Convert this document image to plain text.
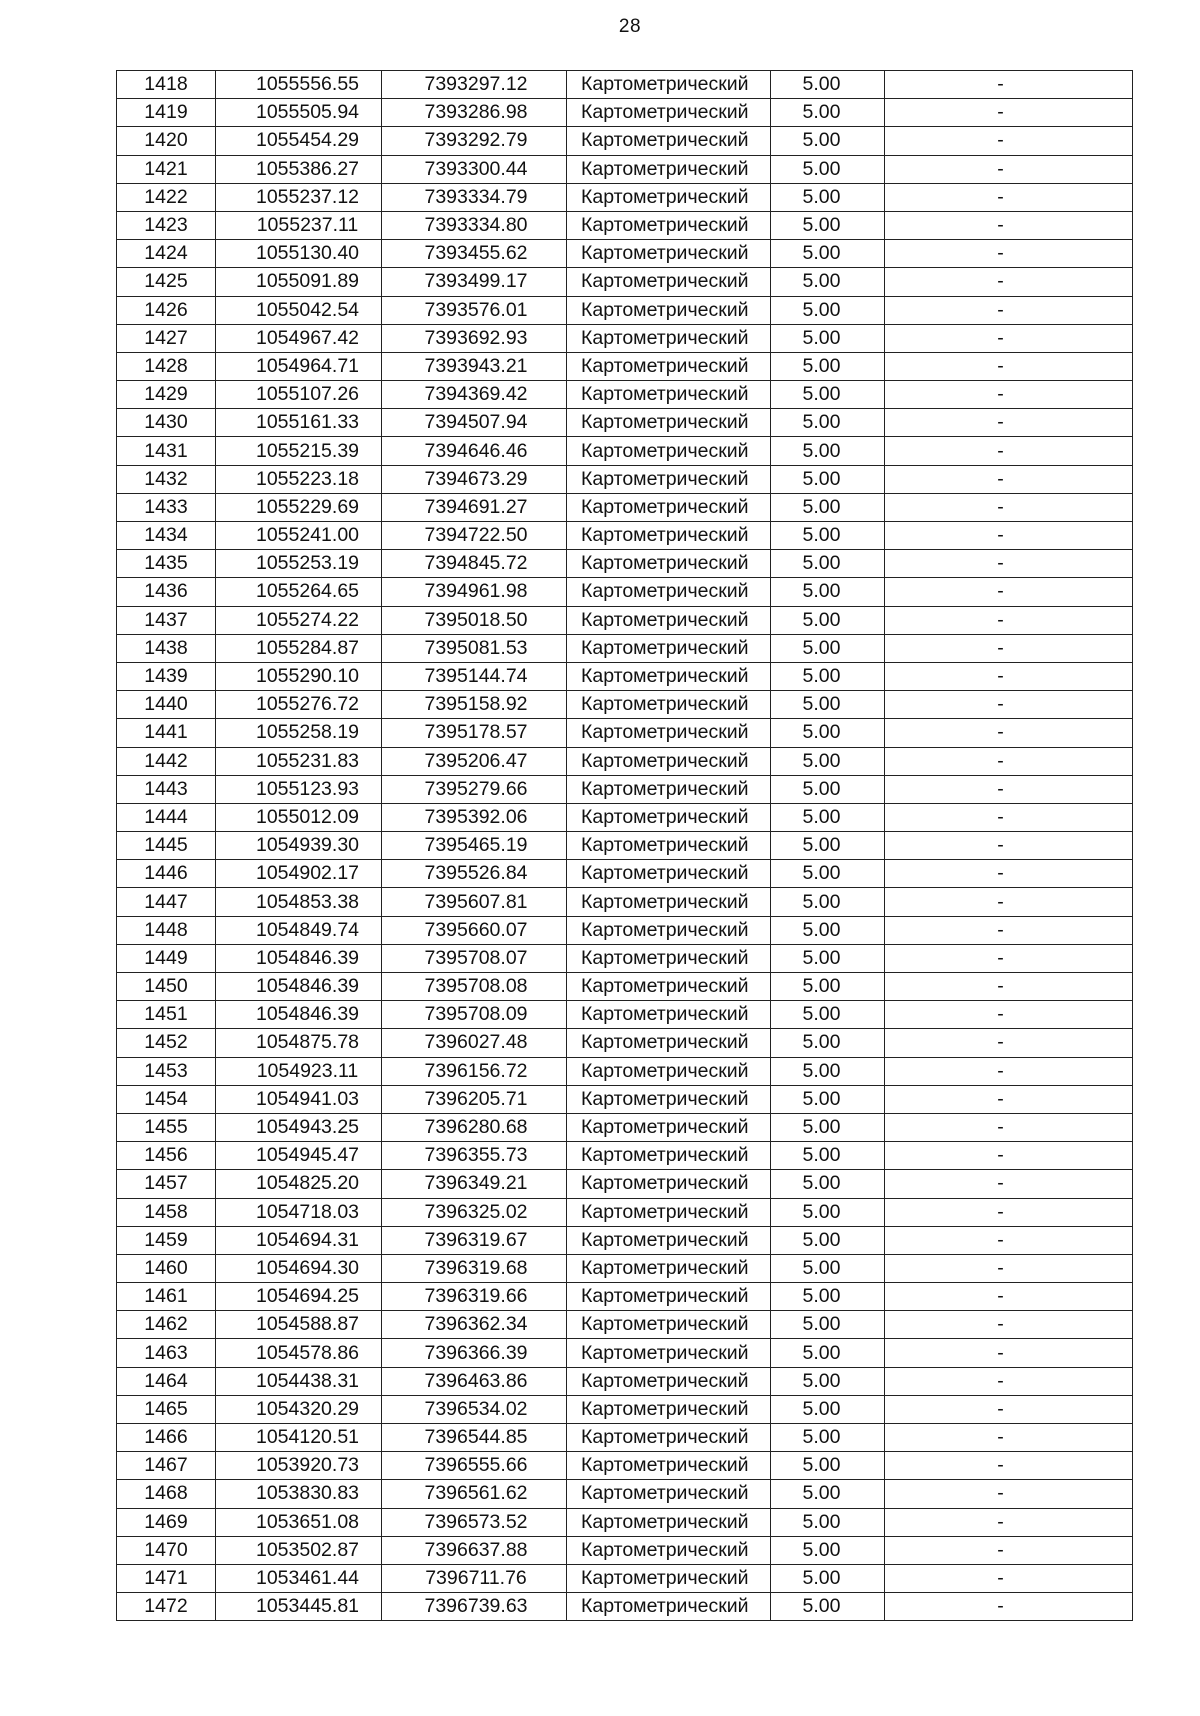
28
1418	1055556.55	7393297.12	Картометрический	5.00	-
1419	1055505.94	7393286.98	Картометрический	5.00	-
1420	1055454.29	7393292.79	Картометрический	5.00	-
1421	1055386.27	7393300.44	Картометрический	5.00	-
1422	1055237.12	7393334.79	Картометрический	5.00	-
1423	1055237.11	7393334.80	Картометрический	5.00	-
1424	1055130.40	7393455.62	Картометрический	5.00	-
1425	1055091.89	7393499.17	Картометрический	5.00	-
1426	1055042.54	7393576.01	Картометрический	5.00	-
1427	1054967.42	7393692.93	Картометрический	5.00	-
1428	1054964.71	7393943.21	Картометрический	5.00	-
1429	1055107.26	7394369.42	Картометрический	5.00	-
1430	1055161.33	7394507.94	Картометрический	5.00	-
1431	1055215.39	7394646.46	Картометрический	5.00	-
1432	1055223.18	7394673.29	Картометрический	5.00	-
1433	1055229.69	7394691.27	Картометрический	5.00	-
1434	1055241.00	7394722.50	Картометрический	5.00	-
1435	1055253.19	7394845.72	Картометрический	5.00	-
1436	1055264.65	7394961.98	Картометрический	5.00	-
1437	1055274.22	7395018.50	Картометрический	5.00	-
1438	1055284.87	7395081.53	Картометрический	5.00	-
1439	1055290.10	7395144.74	Картометрический	5.00	-
1440	1055276.72	7395158.92	Картометрический	5.00	-
1441	1055258.19	7395178.57	Картометрический	5.00	-
1442	1055231.83	7395206.47	Картометрический	5.00	-
1443	1055123.93	7395279.66	Картометрический	5.00	-
1444	1055012.09	7395392.06	Картометрический	5.00	-
1445	1054939.30	7395465.19	Картометрический	5.00	-
1446	1054902.17	7395526.84	Картометрический	5.00	-
1447	1054853.38	7395607.81	Картометрический	5.00	-
1448	1054849.74	7395660.07	Картометрический	5.00	-
1449	1054846.39	7395708.07	Картометрический	5.00	-
1450	1054846.39	7395708.08	Картометрический	5.00	-
1451	1054846.39	7395708.09	Картометрический	5.00	-
1452	1054875.78	7396027.48	Картометрический	5.00	-
1453	1054923.11	7396156.72	Картометрический	5.00	-
1454	1054941.03	7396205.71	Картометрический	5.00	-
1455	1054943.25	7396280.68	Картометрический	5.00	-
1456	1054945.47	7396355.73	Картометрический	5.00	-
1457	1054825.20	7396349.21	Картометрический	5.00	-
1458	1054718.03	7396325.02	Картометрический	5.00	-
1459	1054694.31	7396319.67	Картометрический	5.00	-
1460	1054694.30	7396319.68	Картометрический	5.00	-
1461	1054694.25	7396319.66	Картометрический	5.00	-
1462	1054588.87	7396362.34	Картометрический	5.00	-
1463	1054578.86	7396366.39	Картометрический	5.00	-
1464	1054438.31	7396463.86	Картометрический	5.00	-
1465	1054320.29	7396534.02	Картометрический	5.00	-
1466	1054120.51	7396544.85	Картометрический	5.00	-
1467	1053920.73	7396555.66	Картометрический	5.00	-
1468	1053830.83	7396561.62	Картометрический	5.00	-
1469	1053651.08	7396573.52	Картометрический	5.00	-
1470	1053502.87	7396637.88	Картометрический	5.00	-
1471	1053461.44	7396711.76	Картометрический	5.00	-
1472	1053445.81	7396739.63	Картометрический	5.00	-
